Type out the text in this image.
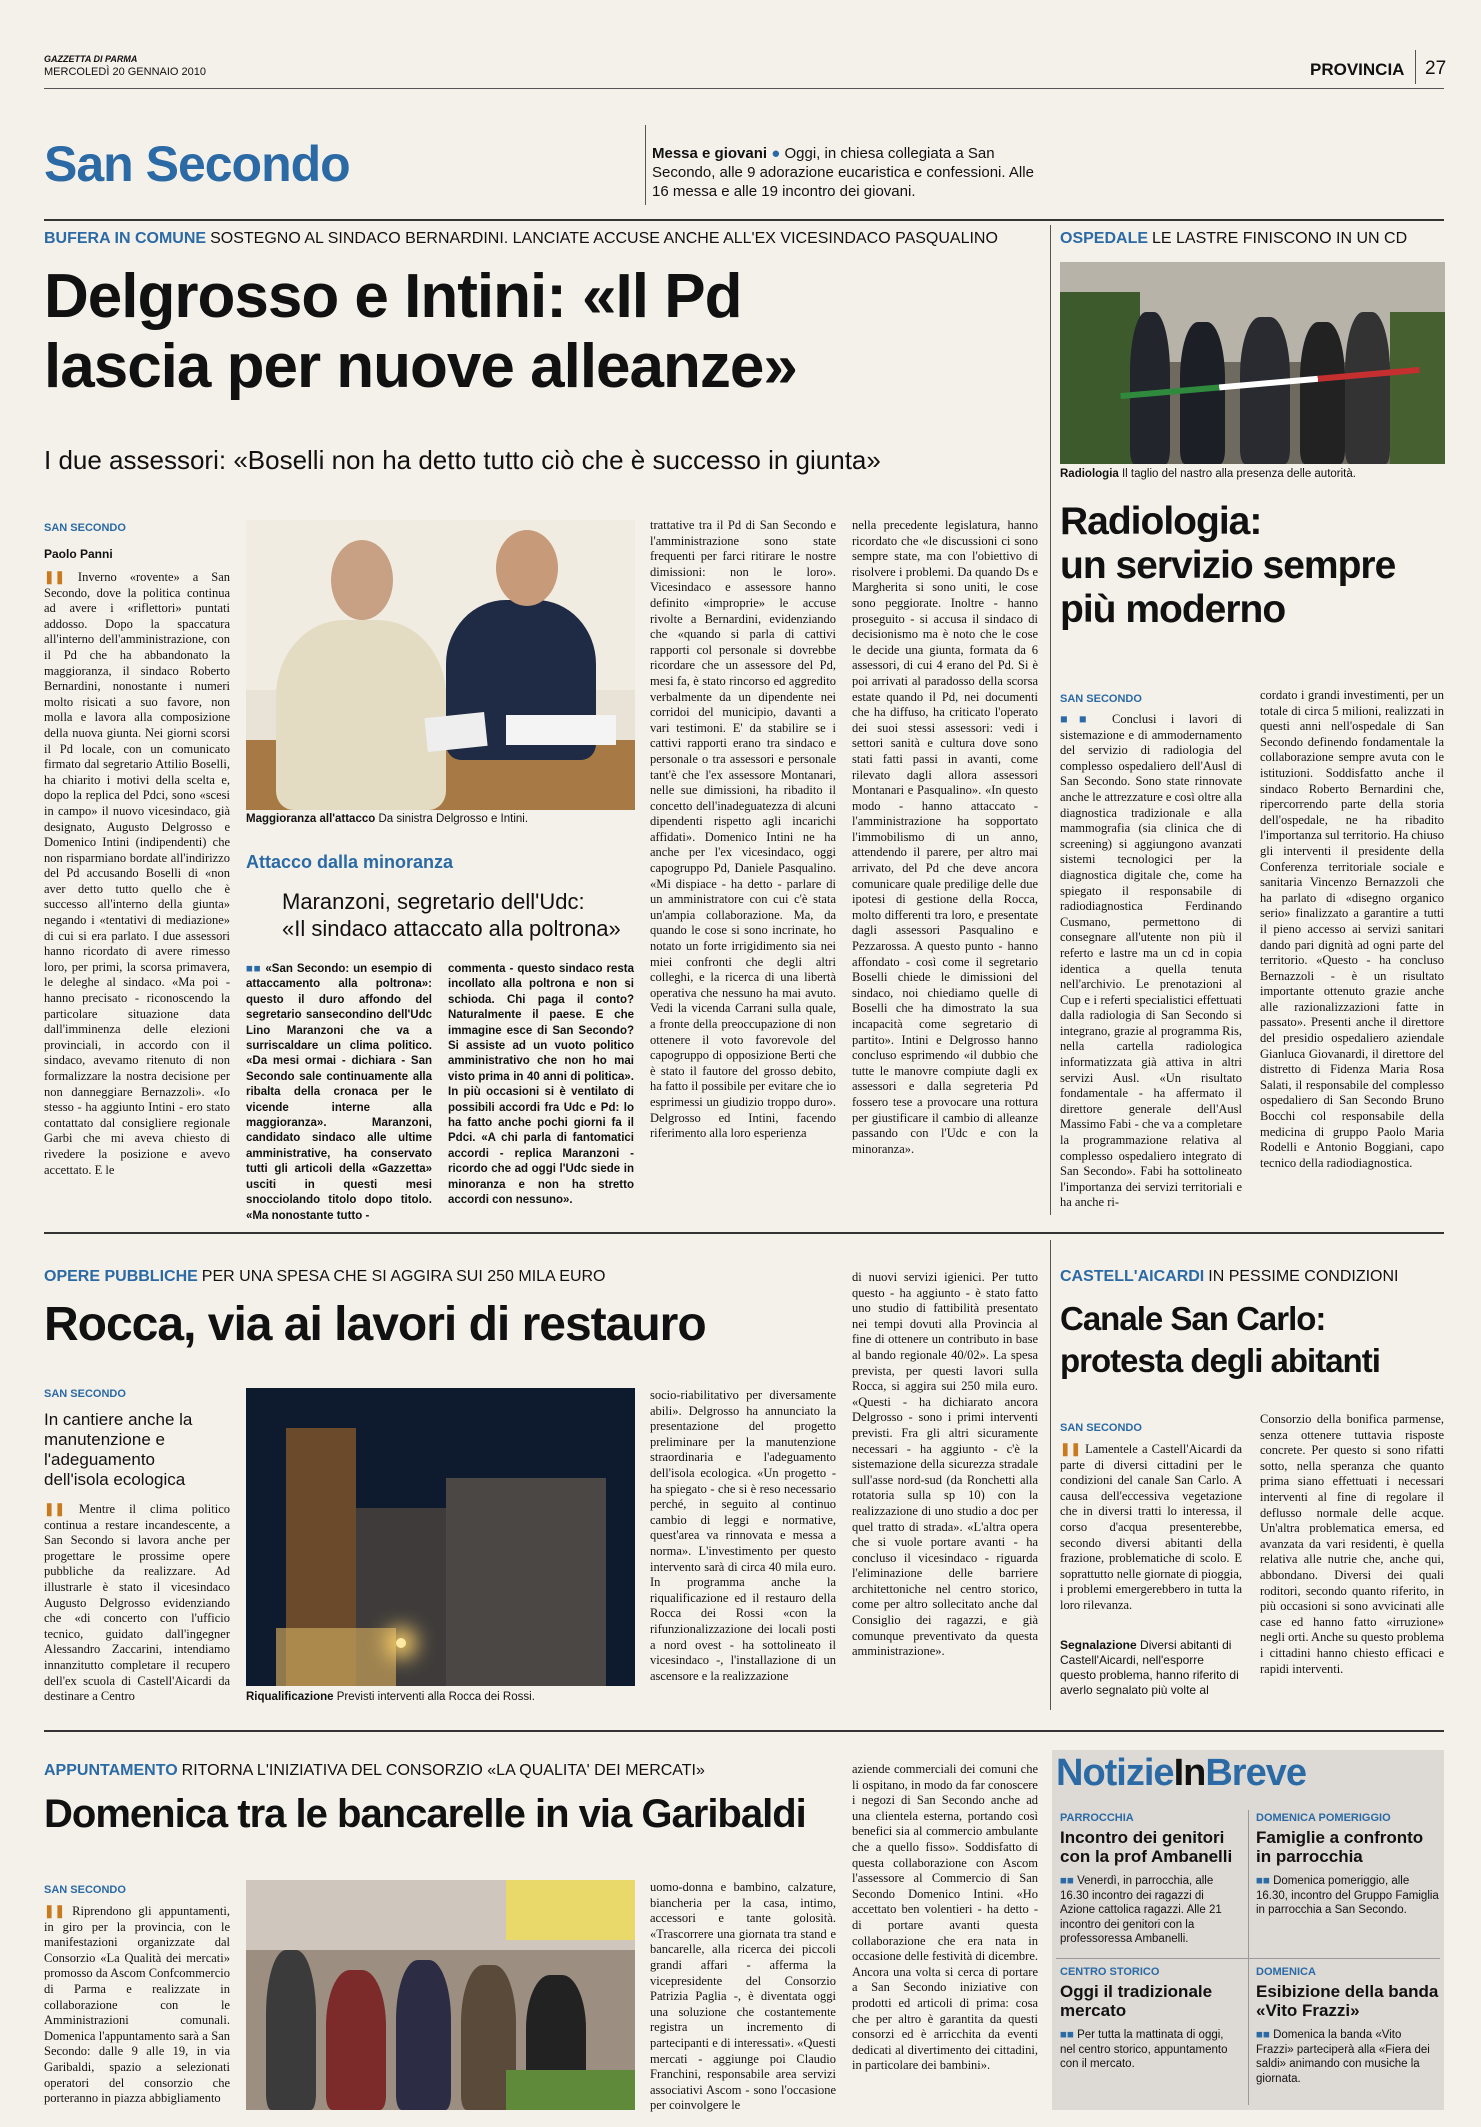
GAZZETTA DI PARMA
MERCOLEDÌ 20 GENNAIO 2010	PROVINCIA 27
San Secondo	Messa e giovani ● Oggi, in chiesa collegiata a San Secondo, alle 9 adorazione eucaristica e confessioni. Alle 16 messa e alle 19 incontro dei giovani.
BUFERA IN COMUNE SOSTEGNO AL SINDACO BERNARDINI. LANCIATE ACCUSE ANCHE ALL'EX VICESINDACO PASQUALINO
Delgrosso e Intini: «Il Pd
lascia per nuove alleanze»
I due assessori: «Boselli non ha detto tutto ciò che è successo in giunta»
SAN SECONDO
Paolo Panni
❚❚ Inverno «rovente» a San Secondo, dove la politica continua ad avere i «riflettori» puntati addosso. Dopo la spaccatura all'interno dell'amministrazione, con il Pd che ha abbandonato la maggioranza, il sindaco Roberto Bernardini, nonostante i numeri molto risicati a suo favore, non molla e lavora alla composizione della nuova giunta. Nei giorni scorsi il Pd locale, con un comunicato firmato dal segretario Attilio Boselli, ha chiarito i motivi della scelta e, dopo la replica del Pdci, sono «scesi in campo» il nuovo vicesindaco, già designato, Augusto Delgrosso e Domenico Intini (indipendenti) che non risparmiano bordate all'indirizzo del Pd accusando Boselli di «non aver detto tutto quello che è successo all'interno della giunta» negando i «tentativi di mediazione» di cui si era parlato. I due assessori hanno ricordato di avere rimesso loro, per primi, la scorsa primavera, le deleghe al sindaco. «Ma poi - hanno precisato - riconoscendo la particolare situazione data dall'imminenza delle elezioni provinciali, in accordo con il sindaco, avevamo ritenuto di non formalizzare la nostra decisione per non danneggiare Bernazzoli». «Io stesso - ha aggiunto Intini - ero stato contattato dal consigliere regionale Garbi che mi aveva chiesto di rivedere la posizione e avevo accettato. E le
Maggioranza all'attacco Da sinistra Delgrosso e Intini.
Attacco dalla minoranza
Maranzoni, segretario dell'Udc:
«Il sindaco attaccato alla poltrona»
■■ «San Secondo: un esempio di attaccamento alla poltrona»: questo il duro affondo del segretario sansecondino dell'Udc Lino Maranzoni che va a surriscaldare un clima politico. «Da mesi ormai - dichiara - San Secondo sale continuamente alla ribalta della cronaca per le vicende interne alla maggioranza». Maranzoni, candidato sindaco alle ultime amministrative, ha conservato tutti gli articoli della «Gazzetta» usciti in questi mesi snocciolando titolo dopo titolo. «Ma nonostante tutto -
commenta - questo sindaco resta incollato alla poltrona e non si schioda. Chi paga il conto? Naturalmente il paese. E che immagine esce di San Secondo? Si assiste ad un vuoto politico amministrativo che non ho mai visto prima in 40 anni di politica». In più occasioni si è ventilato di possibili accordi fra Udc e Pd: lo ha fatto anche pochi giorni fa il Pdci. «A chi parla di fantomatici accordi - replica Maranzoni - ricordo che ad oggi l'Udc siede in minoranza e non ha stretto accordi con nessuno».
trattative tra il Pd di San Secondo e l'amministrazione sono state frequenti per farci ritirare le nostre dimissioni: non le loro». Vicesindaco e assessore hanno definito «improprie» le accuse rivolte a Bernardini, evidenziando che «quando si parla di cattivi rapporti col personale si dovrebbe ricordare che un assessore del Pd, mesi fa, è stato rincorso ed aggredito verbalmente da un dipendente nei corridoi del municipio, davanti a vari testimoni. E' da stabilire se i cattivi rapporti erano tra sindaco e personale o tra assessori e personale tant'è che l'ex assessore Montanari, nelle sue dimissioni, ha ribadito il concetto dell'inadeguatezza di alcuni dipendenti rispetto agli incarichi affidati». Domenico Intini ne ha anche per l'ex vicesindaco, oggi capogruppo Pd, Daniele Pasqualino. «Mi dispiace - ha detto - parlare di un amministratore con cui c'è stata un'ampia collaborazione. Ma, da quando le cose si sono incrinate, ho notato un forte irrigidimento sia nei miei confronti che degli altri colleghi, e la ricerca di una libertà operativa che nessuno ha mai avuto. Vedi la vicenda Carrani sulla quale, a fronte della preoccupazione di non ottenere il voto favorevole del capogruppo di opposizione Berti che è stato il fautore del grosso debito, ha fatto il possibile per evitare che io esprimessi un giudizio troppo duro». Delgrosso ed Intini, facendo riferimento alla loro esperienza
nella precedente legislatura, hanno ricordato che «le discussioni ci sono sempre state, ma con l'obiettivo di risolvere i problemi. Da quando Ds e Margherita si sono uniti, le cose sono peggiorate. Inoltre - hanno proseguito - si accusa il sindaco di decisionismo ma è noto che le cose le decide una giunta, formata da 6 assessori, di cui 4 erano del Pd. Si è poi arrivati al paradosso della scorsa estate quando il Pd, nei documenti che ha diffuso, ha criticato l'operato dei suoi stessi assessori: vedi i settori sanità e cultura dove sono stati fatti passi in avanti, come rilevato dagli allora assessori Montanari e Pasqualino». «In questo modo - hanno attaccato - l'amministrazione ha sopportato l'immobilismo di un anno, attendendo il parere, per altro mai arrivato, del Pd che deve ancora comunicare quale predilige delle due ipotesi di gestione della Rocca, molto differenti tra loro, e presentate dagli assessori Pasqualino e Pezzarossa. A questo punto - hanno affondato - così come il segretario Boselli chiede le dimissioni del sindaco, noi chiediamo quelle di Boselli che ha dimostrato la sua incapacità come segretario di partito». Intini e Delgrosso hanno concluso esprimendo «il dubbio che tutte le manovre compiute dagli ex assessori e dalla segreteria Pd fossero tese a provocare una rottura per giustificare il cambio di alleanze passando con l'Udc e con la minoranza».
OSPEDALE LE LASTRE FINISCONO IN UN CD
Radiologia Il taglio del nastro alla presenza delle autorità.
Radiologia:
un servizio sempre
più moderno
SAN SECONDO
■■ Conclusi i lavori di sistemazione e di ammodernamento del servizio di radiologia del complesso ospedaliero dell'Ausl di San Secondo. Sono state rinnovate anche le attrezzature e così oltre alla diagnostica tradizionale e alla mammografia (sia clinica che di screening) si aggiungono avanzati sistemi tecnologici per la diagnostica digitale che, come ha spiegato il responsabile di radiodiagnostica Ferdinando Cusmano, permettono di consegnare all'utente non più il referto e lastre ma un cd in copia identica a quella tenuta nell'archivio. Le prenotazioni al Cup e i referti specialistici effettuati dalla radiologia di San Secondo si integrano, grazie al programma Ris, nella cartella radiologica informatizzata già attiva in altri servizi Ausl. «Un risultato fondamentale - ha affermato il direttore generale dell'Ausl Massimo Fabi - che va a completare la programmazione relativa al complesso ospedaliero integrato di San Secondo». Fabi ha sottolineato l'importanza dei servizi territoriali e ha anche ri-
cordato i grandi investimenti, per un totale di circa 5 milioni, realizzati in questi anni nell'ospedale di San Secondo definendo fondamentale la collaborazione sempre avuta con le istituzioni. Soddisfatto anche il sindaco Roberto Bernardini che, ripercorrendo parte della storia dell'ospedale, ne ha ribadito l'importanza sul territorio. Ha chiuso gli interventi il presidente della Conferenza territoriale sociale e sanitaria Vincenzo Bernazzoli che ha parlato di «disegno organico serio» finalizzato a garantire a tutti il pieno accesso ai servizi sanitari dando pari dignità ad ogni parte del territorio. «Questo - ha concluso Bernazzoli - è un risultato importante ottenuto grazie anche alle razionalizzazioni fatte in passato». Presenti anche il direttore del presidio ospedaliero aziendale Gianluca Giovanardi, il direttore del distretto di Fidenza Maria Rosa Salati, il responsabile del complesso ospedaliero di San Secondo Bruno Bocchi col responsabile della medicina di gruppo Paolo Maria Rodelli e Antonio Boggiani, capo tecnico della radiodiagnostica.
OPERE PUBBLICHE PER UNA SPESA CHE SI AGGIRA SUI 250 MILA EURO
Rocca, via ai lavori di restauro
SAN SECONDO
In cantiere anche la manutenzione e l'adeguamento dell'isola ecologica
❚❚ Mentre il clima politico continua a restare incandescente, a San Secondo si lavora anche per progettare le prossime opere pubbliche da realizzare. Ad illustrarle è stato il vicesindaco Augusto Delgrosso evidenziando che «di concerto con l'ufficio tecnico, guidato dall'ingegner Alessandro Zaccarini, intendiamo innanzitutto completare il recupero dell'ex scuola di Castell'Aicardi da destinare a Centro	Riqualificazione Previsti interventi alla Rocca dei Rossi.
socio-riabilitativo per diversamente abili». Delgrosso ha annunciato la presentazione del progetto preliminare per la manutenzione straordinaria e l'adeguamento dell'isola ecologica. «Un progetto - ha spiegato - che si è reso necessario perché, in seguito al continuo cambio di leggi e normative, quest'area va rinnovata e messa a norma». L'investimento per questo intervento sarà di circa 40 mila euro. In programma anche la riqualificazione ed il restauro della Rocca dei Rossi «con la rifunzionalizzazione dei locali posti a nord ovest - ha sottolineato il vicesindaco -, l'installazione di un ascensore e la realizzazione
di nuovi servizi igienici. Per tutto questo - ha aggiunto - è stato fatto uno studio di fattibilità presentato nei tempi dovuti alla Provincia al fine di ottenere un contributo in base al bando regionale 40/02». La spesa prevista, per questi lavori sulla Rocca, si aggira sui 250 mila euro. «Questi - ha dichiarato ancora Delgrosso - sono i primi interventi previsti. Fra gli altri sicuramente necessari - ha aggiunto - c'è la sistemazione della sicurezza stradale sull'asse nord-sud (da Ronchetti alla rotatoria sulla sp 10) con la realizzazione di uno studio a doc per quel tratto di strada». «L'altra opera che si vuole portare avanti - ha concluso il vicesindaco - riguarda l'eliminazione delle barriere architettoniche nel centro storico, come per altro sollecitato anche dal Consiglio dei ragazzi, e già comunque preventivato da questa amministrazione».
CASTELL'AICARDI IN PESSIME CONDIZIONI
Canale San Carlo:
protesta degli abitanti
SAN SECONDO
❚❚ Lamentele a Castell'Aicardi da parte di diversi cittadini per le condizioni del canale San Carlo. A causa dell'eccessiva vegetazione che in diversi tratti lo interessa, il corso d'acqua presenterebbe, secondo diversi abitanti della frazione, problematiche di scolo. E soprattutto nelle giornate di pioggia, i problemi emergerebbero in tutta la loro rilevanza.
Segnalazione Diversi abitanti di Castell'Aicardi, nell'esporre questo problema, hanno riferito di averlo segnalato più volte al
Consorzio della bonifica parmense, senza ottenere tuttavia risposte concrete. Per questo si sono rifatti sotto, nella speranza che quanto prima siano effettuati i necessari interventi al fine di regolare il deflusso normale delle acque. Un'altra problematica emersa, ed avanzata da vari residenti, è quella relativa alle nutrie che, anche qui, abbondano. Diversi dei quali roditori, secondo quanto riferito, in più occasioni si sono avvicinati alle case ed hanno fatto «irruzione» negli orti. Anche su questo problema i cittadini hanno chiesto efficaci e rapidi interventi.
APPUNTAMENTO RITORNA L'INIZIATIVA DEL CONSORZIO «LA QUALITA' DEI MERCATI»
Domenica tra le bancarelle in via Garibaldi
SAN SECONDO
❚❚ Riprendono gli appuntamenti, in giro per la provincia, con le manifestazioni organizzate dal Consorzio «La Qualità dei mercati» promosso da Ascom Confcommercio di Parma e realizzate in collaborazione con le Amministrazioni comunali. Domenica l'appuntamento sarà a San Secondo: dalle 9 alle 19, in via Garibaldi, spazio a selezionati operatori del consorzio che porteranno in piazza abbigliamento
uomo-donna e bambino, calzature, biancheria per la casa, intimo, accessori e tante golosità. «Trascorrere una giornata tra stand e bancarelle, alla ricerca dei piccoli grandi affari - afferma la vicepresidente del Consorzio Patrizia Paglia -, è diventata oggi una soluzione che costantemente registra un incremento di partecipanti e di interessati». «Questi mercati - aggiunge poi Claudio Franchini, responsabile area servizi associativi Ascom - sono l'occasione per coinvolgere le
aziende commerciali dei comuni che li ospitano, in modo da far conoscere i negozi di San Secondo anche ad una clientela esterna, portando così benefici sia al commercio ambulante che a quello fisso». Soddisfatto di questa collaborazione con Ascom l'assessore al Commercio di San Secondo Domenico Intini. «Ho accettato ben volentieri - ha detto - di portare avanti questa collaborazione che era nata in occasione delle festività di dicembre. Ancora una volta si cerca di portare a San Secondo iniziative con prodotti ed articoli di prima: cosa che per altro è garantita da questi consorzi ed è arricchita da eventi dedicati al divertimento dei cittadini, in particolare dei bambini».
NotizieInBreve
PARROCCHIA
Incontro dei genitori con la prof Ambanelli
■■ Venerdì, in parrocchia, alle 16.30 incontro dei ragazzi di Azione cattolica ragazzi. Alle 21 incontro dei genitori con la professoressa Ambanelli.
DOMENICA POMERIGGIO
Famiglie a confronto in parrocchia
■■ Domenica pomeriggio, alle 16.30, incontro del Gruppo Famiglia in parrocchia a San Secondo.
CENTRO STORICO
Oggi il tradizionale mercato
■■ Per tutta la mattinata di oggi, nel centro storico, appuntamento con il mercato.
DOMENICA
Esibizione della banda «Vito Frazzi»
■■ Domenica la banda «Vito Frazzi» parteciperà alla «Fiera dei saldi» animando con musiche la giornata.
